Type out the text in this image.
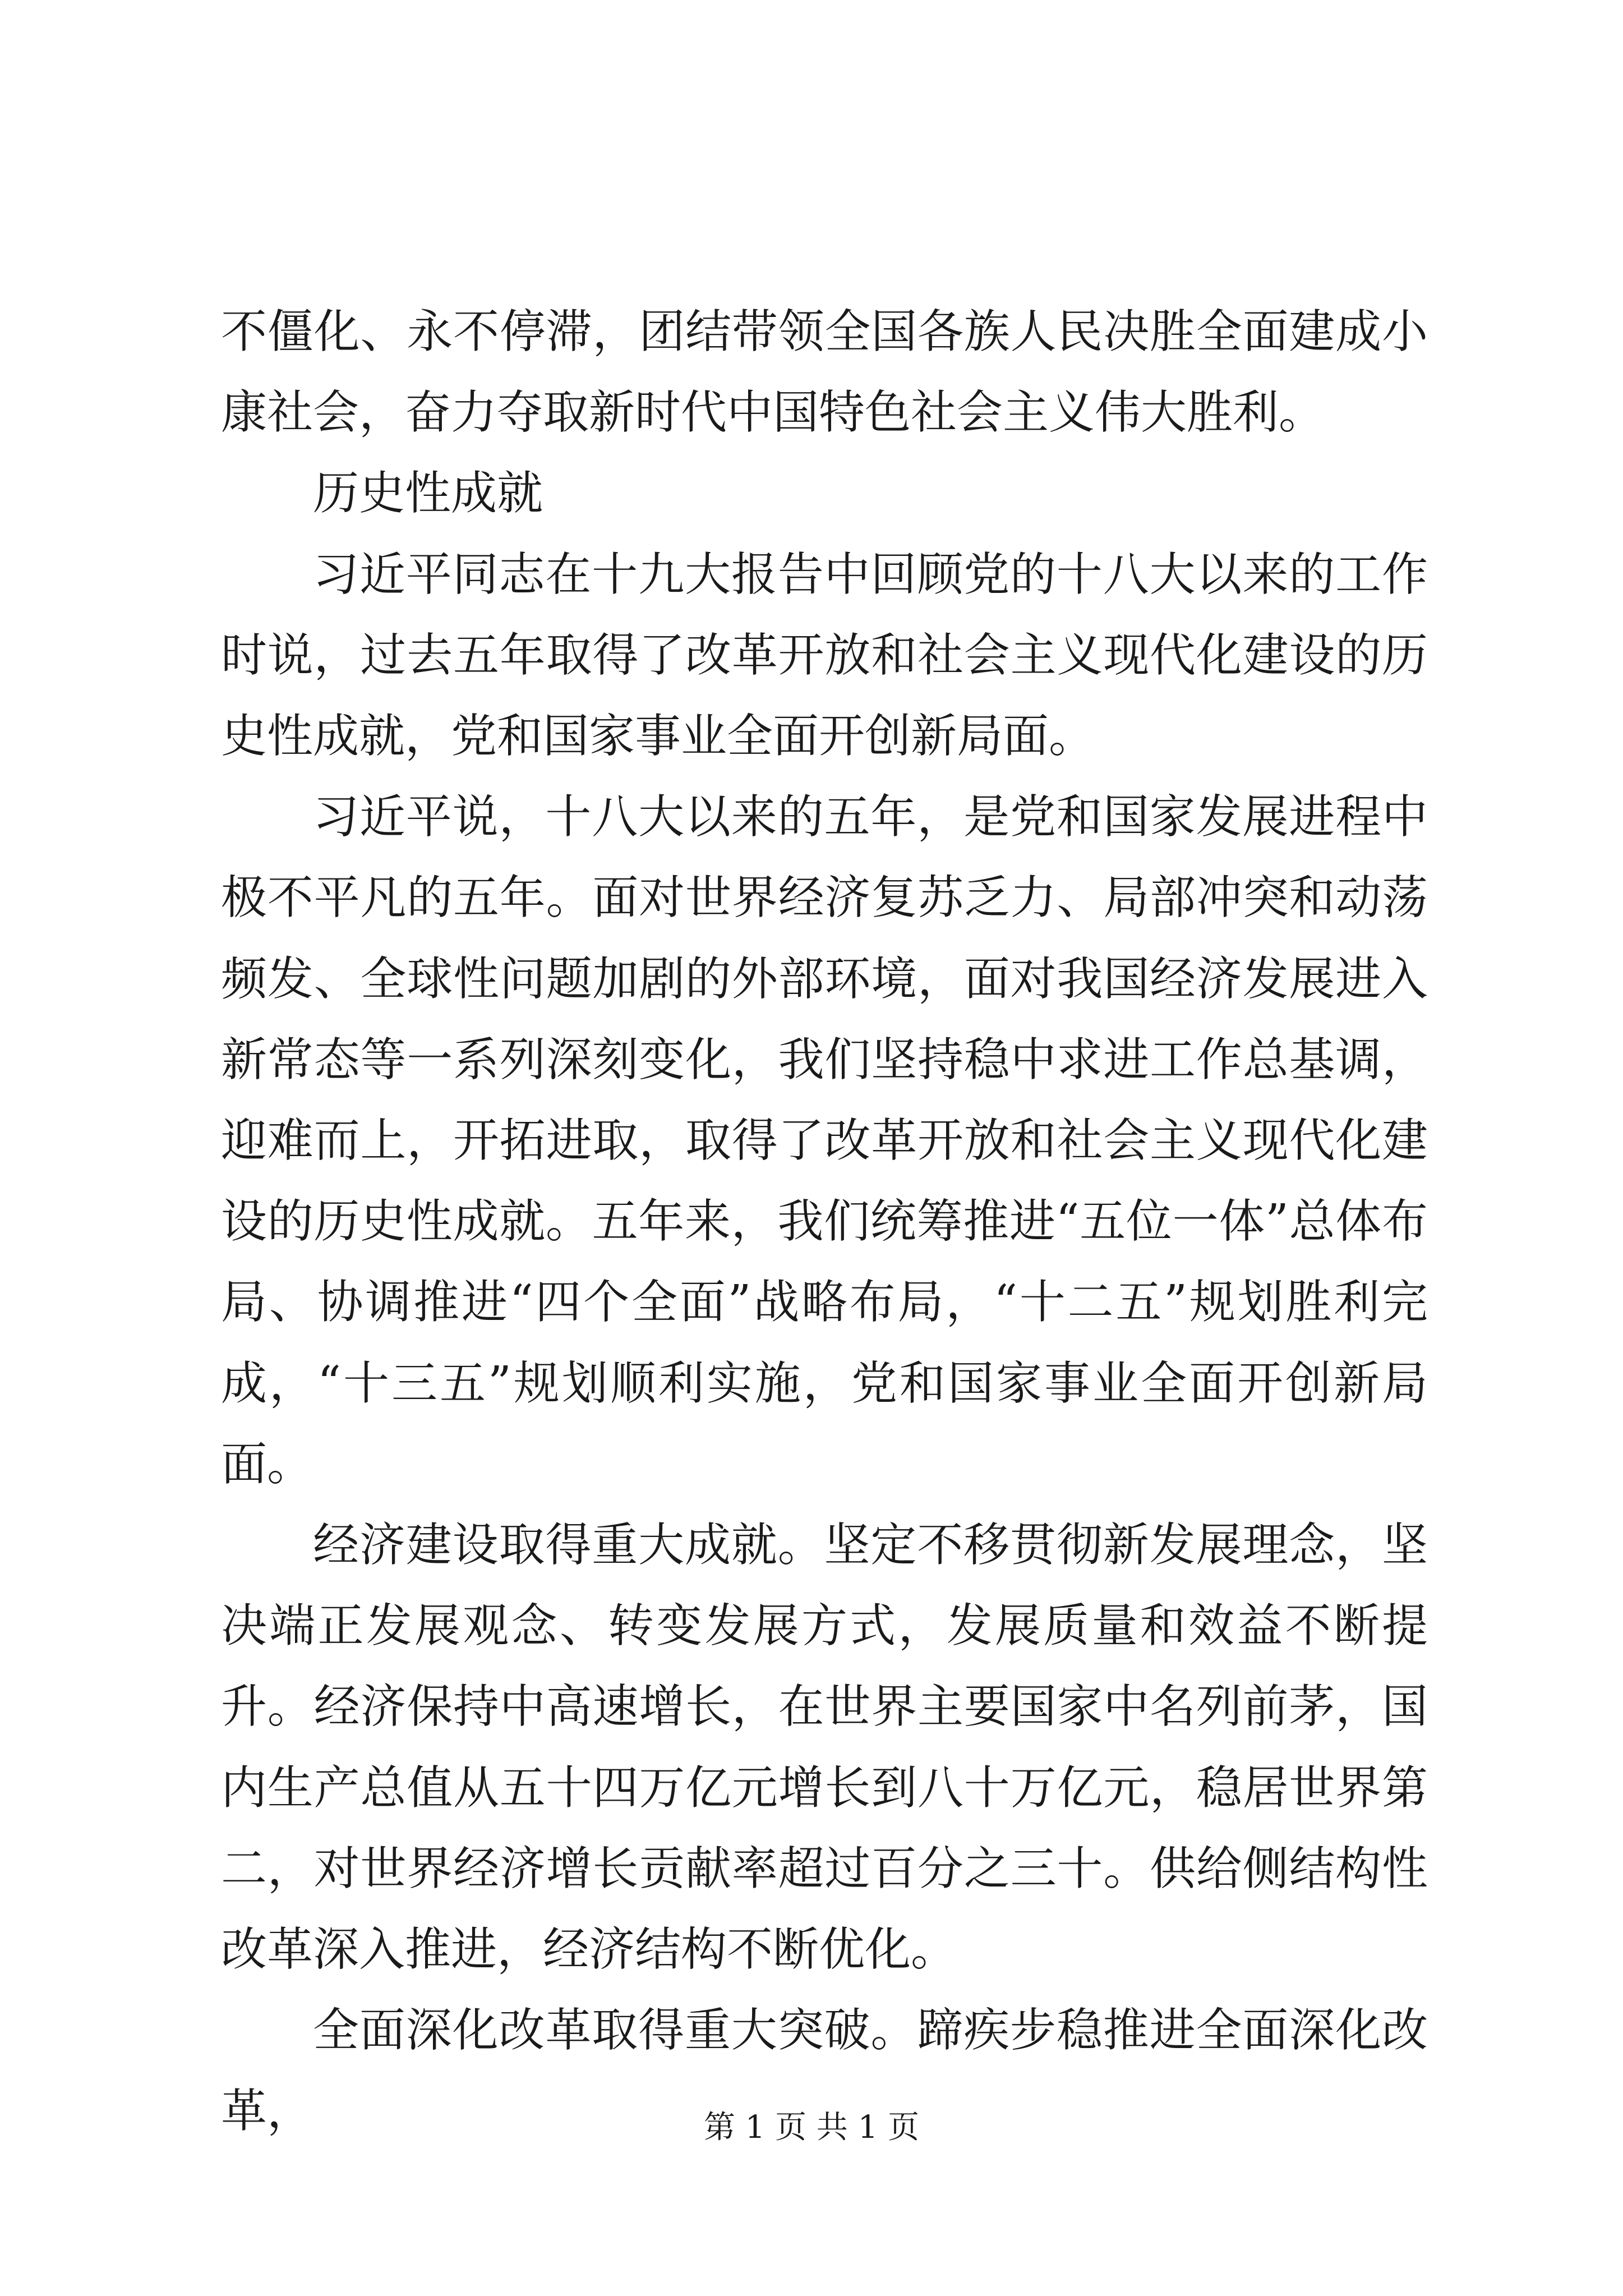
不僵化、永不停滞，团结带领全国各族人民决胜全面建成小康社会，奋力夺取新时代中国特色社会主义伟大胜利。

历史性成就

习近平同志在十九大报告中回顾党的十八大以来的工作时说，过去五年取得了改革开放和社会主义现代化建设的历史性成就，党和国家事业全面开创新局面。

习近平说，十八大以来的五年，是党和国家发展进程中极不平凡的五年。面对世界经济复苏乏力、局部冲突和动荡频发、全球性问题加剧的外部环境，面对我国经济发展进入新常态等一系列深刻变化，我们坚持稳中求进工作总基调，迎难而上，开拓进取，取得了改革开放和社会主义现代化建设的历史性成就。五年来，我们统筹推进“五位一体”总体布局、协调推进“四个全面”战略布局，“十二五”规划胜利完成，“十三五”规划顺利实施，党和国家事业全面开创新局面。

经济建设取得重大成就。坚定不移贯彻新发展理念，坚决端正发展观念、转变发展方式，发展质量和效益不断提升。经济保持中高速增长，在世界主要国家中名列前茅，国内生产总值从五十四万亿元增长到八十万亿元，稳居世界第二，对世界经济增长贡献率超过百分之三十。供给侧结构性改革深入推进，经济结构不断优化。

全面深化改革取得重大突破。蹄疾步稳推进全面深化改革，	第 1 页 共 1 页
